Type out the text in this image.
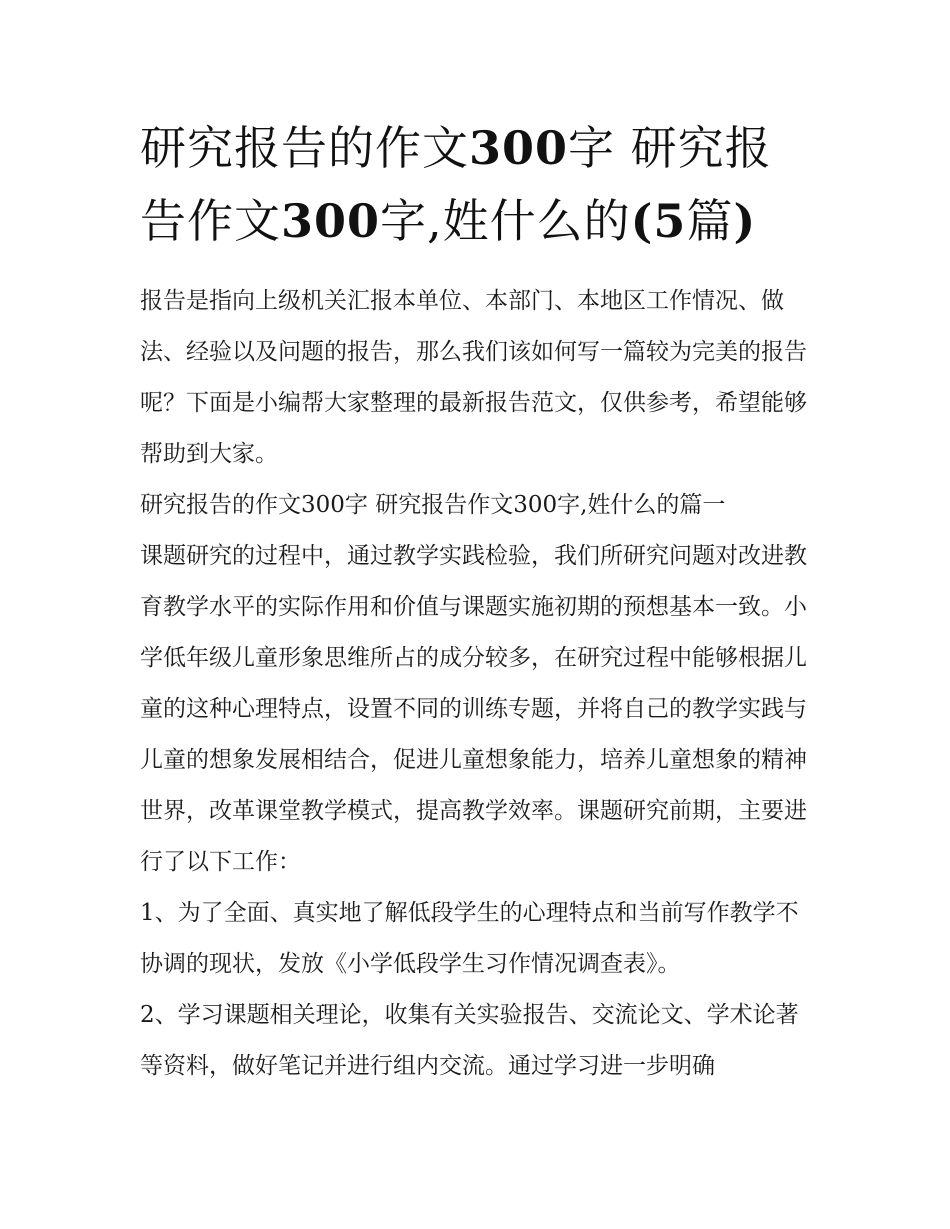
研究报告的作文300字 研究报告作文300字,姓什么的(5篇)

报告是指向上级机关汇报本单位、本部门、本地区工作情况、做法、经验以及问题的报告，那么我们该如何写一篇较为完美的报告呢？下面是小编帮大家整理的最新报告范文，仅供参考，希望能够帮助到大家。

研究报告的作文300字 研究报告作文300字,姓什么的篇一

课题研究的过程中，通过教学实践检验，我们所研究问题对改进教育教学水平的实际作用和价值与课题实施初期的预想基本一致。小学低年级儿童形象思维所占的成分较多，在研究过程中能够根据儿童的这种心理特点，设置不同的训练专题，并将自己的教学实践与儿童的想象发展相结合，促进儿童想象能力，培养儿童想象的精神世界，改革课堂教学模式，提高教学效率。课题研究前期，主要进行了以下工作：

1、为了全面、真实地了解低段学生的心理特点和当前写作教学不协调的现状，发放《小学低段学生习作情况调查表》。

2、学习课题相关理论，收集有关实验报告、交流论文、学术论著等资料，做好笔记并进行组内交流。通过学习进一步明确
